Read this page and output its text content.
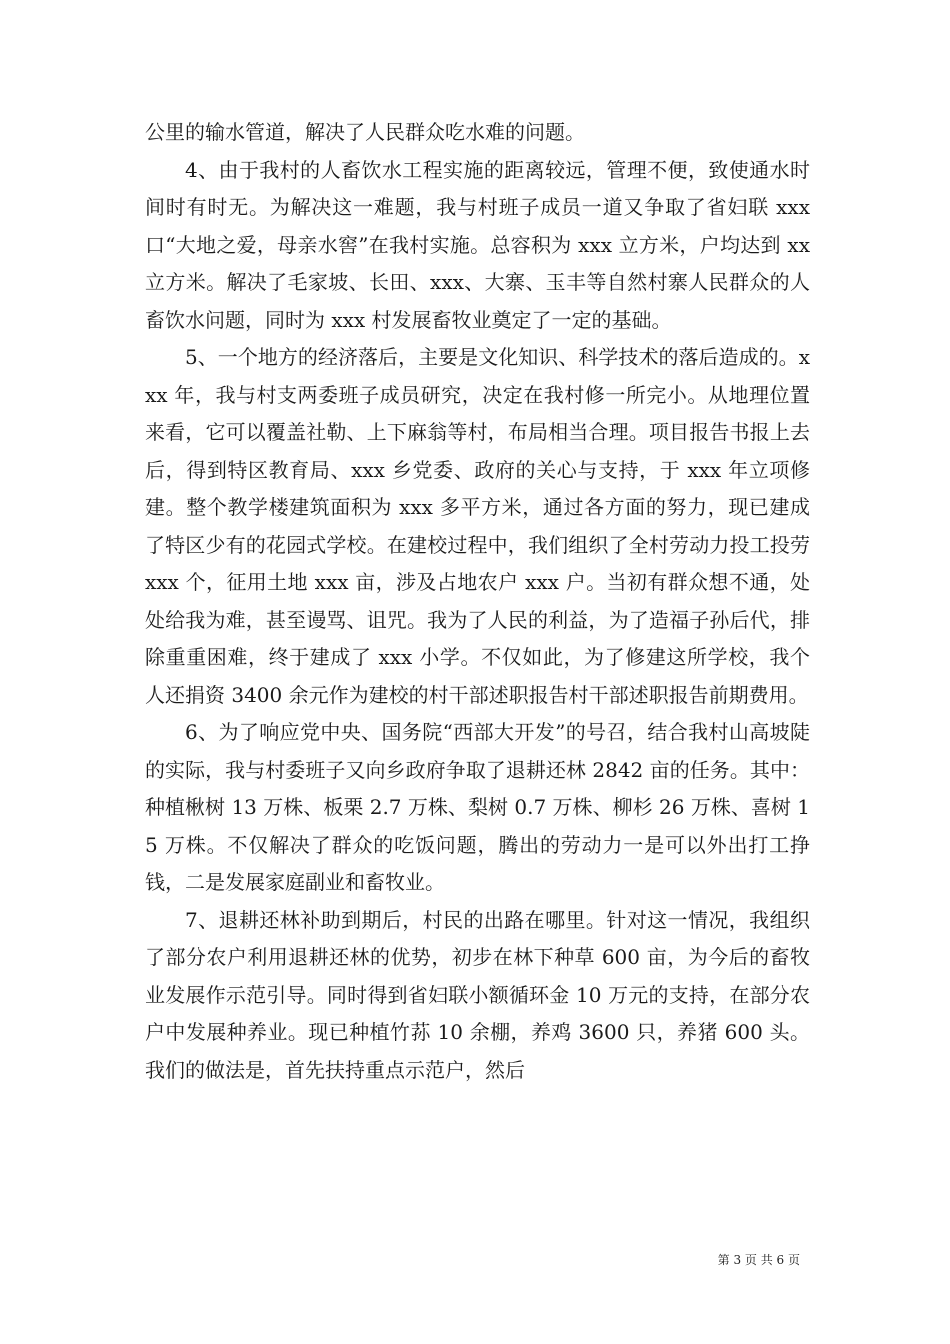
公里的输水管道，解决了人民群众吃水难的问题。

4、由于我村的人畜饮水工程实施的距离较远，管理不便，致使通水时间时有时无。为解决这一难题，我与村班子成员一道又争取了省妇联 xxx 口“大地之爱，母亲水窖”在我村实施。总容积为 xxx 立方米，户均达到 xx 立方米。解决了毛家坡、长田、xxx、大寨、玉丰等自然村寨人民群众的人畜饮水问题，同时为 xxx 村发展畜牧业奠定了一定的基础。

5、一个地方的经济落后，主要是文化知识、科学技术的落后造成的。xxx 年，我与村支两委班子成员研究，决定在我村修一所完小。从地理位置来看，它可以覆盖社勒、上下麻翁等村，布局相当合理。项目报告书报上去后，得到特区教育局、xxx 乡党委、政府的关心与支持，于 xxx 年立项修建。整个教学楼建筑面积为 xxx 多平方米，通过各方面的努力，现已建成了特区少有的花园式学校。在建校过程中，我们组织了全村劳动力投工投劳 xxx 个，征用土地 xxx 亩，涉及占地农户 xxx 户。当初有群众想不通，处处给我为难，甚至谩骂、诅咒。我为了人民的利益，为了造福子孙后代，排除重重困难，终于建成了 xxx 小学。不仅如此，为了修建这所学校，我个人还捐资 3400 余元作为建校的村干部述职报告村干部述职报告前期费用。

6、为了响应党中央、国务院“西部大开发”的号召，结合我村山高坡陡的实际，我与村委班子又向乡政府争取了退耕还林 2842 亩的任务。其中：种植楸树 13 万株、板栗 2.7 万株、梨树 0.7 万株、柳杉 26 万株、喜树 15 万株。不仅解决了群众的吃饭问题，腾出的劳动力一是可以外出打工挣钱，二是发展家庭副业和畜牧业。

7、退耕还林补助到期后，村民的出路在哪里。针对这一情况，我组织了部分农户利用退耕还林的优势，初步在林下种草 600 亩，为今后的畜牧业发展作示范引导。同时得到省妇联小额循环金 10 万元的支持，在部分农户中发展种养业。现已种植竹荪 10 余棚，养鸡 3600 只，养猪 600 头。我们的做法是，首先扶持重点示范户，然后

第 3 页 共 6 页
